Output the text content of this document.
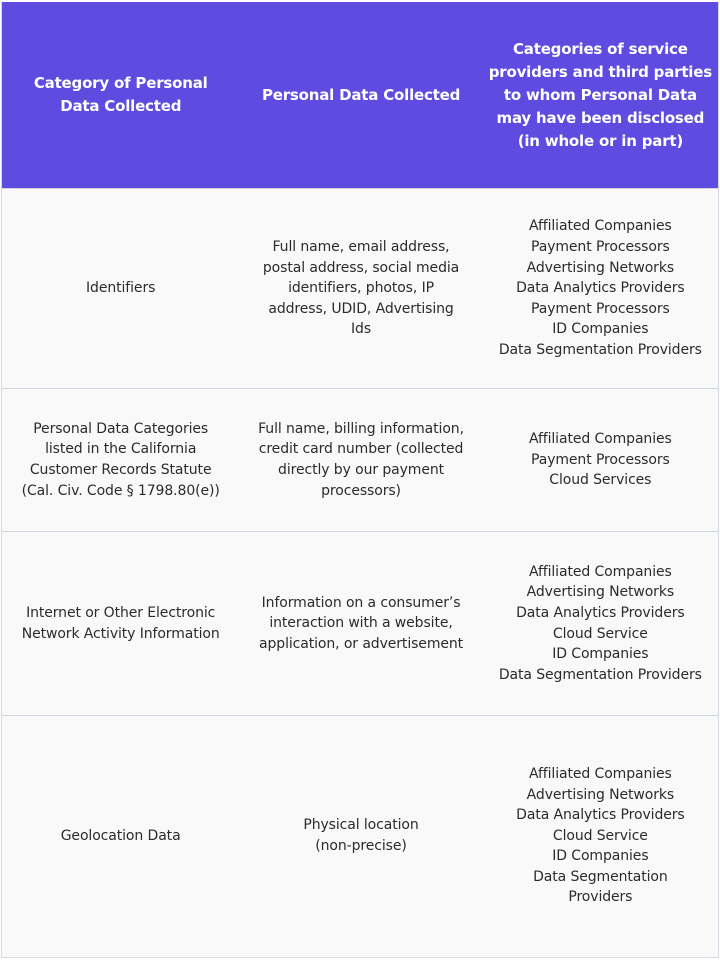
Category of Personal Data Collected
Personal Data Collected
Categories of service providers and third parties to whom Personal Data may have been disclosed (in whole or in part)
Identifiers
Full name, email address, postal address, social media identifiers, photos, IP address, UDID, Advertising Ids
Affiliated Companies
Payment Processors
Advertising Networks
Data Analytics Providers
Payment Processors
ID Companies
Data Segmentation Providers
Personal Data Categories listed in the California Customer Records Statute (Cal. Civ. Code § 1798.80(e))
Full name, billing information, credit card number (collected directly by our payment processors)
Affiliated Companies
Payment Processors
Cloud Services
Internet or Other Electronic Network Activity Information
Information on a consumer’s interaction with a website, application, or advertisement
Affiliated Companies
Advertising Networks
Data Analytics Providers
Cloud Service
ID Companies
Data Segmentation Providers
Geolocation Data
Physical location (non-precise)
Affiliated Companies
Advertising Networks
Data Analytics Providers
Cloud Service
ID Companies
Data Segmentation
Providers
